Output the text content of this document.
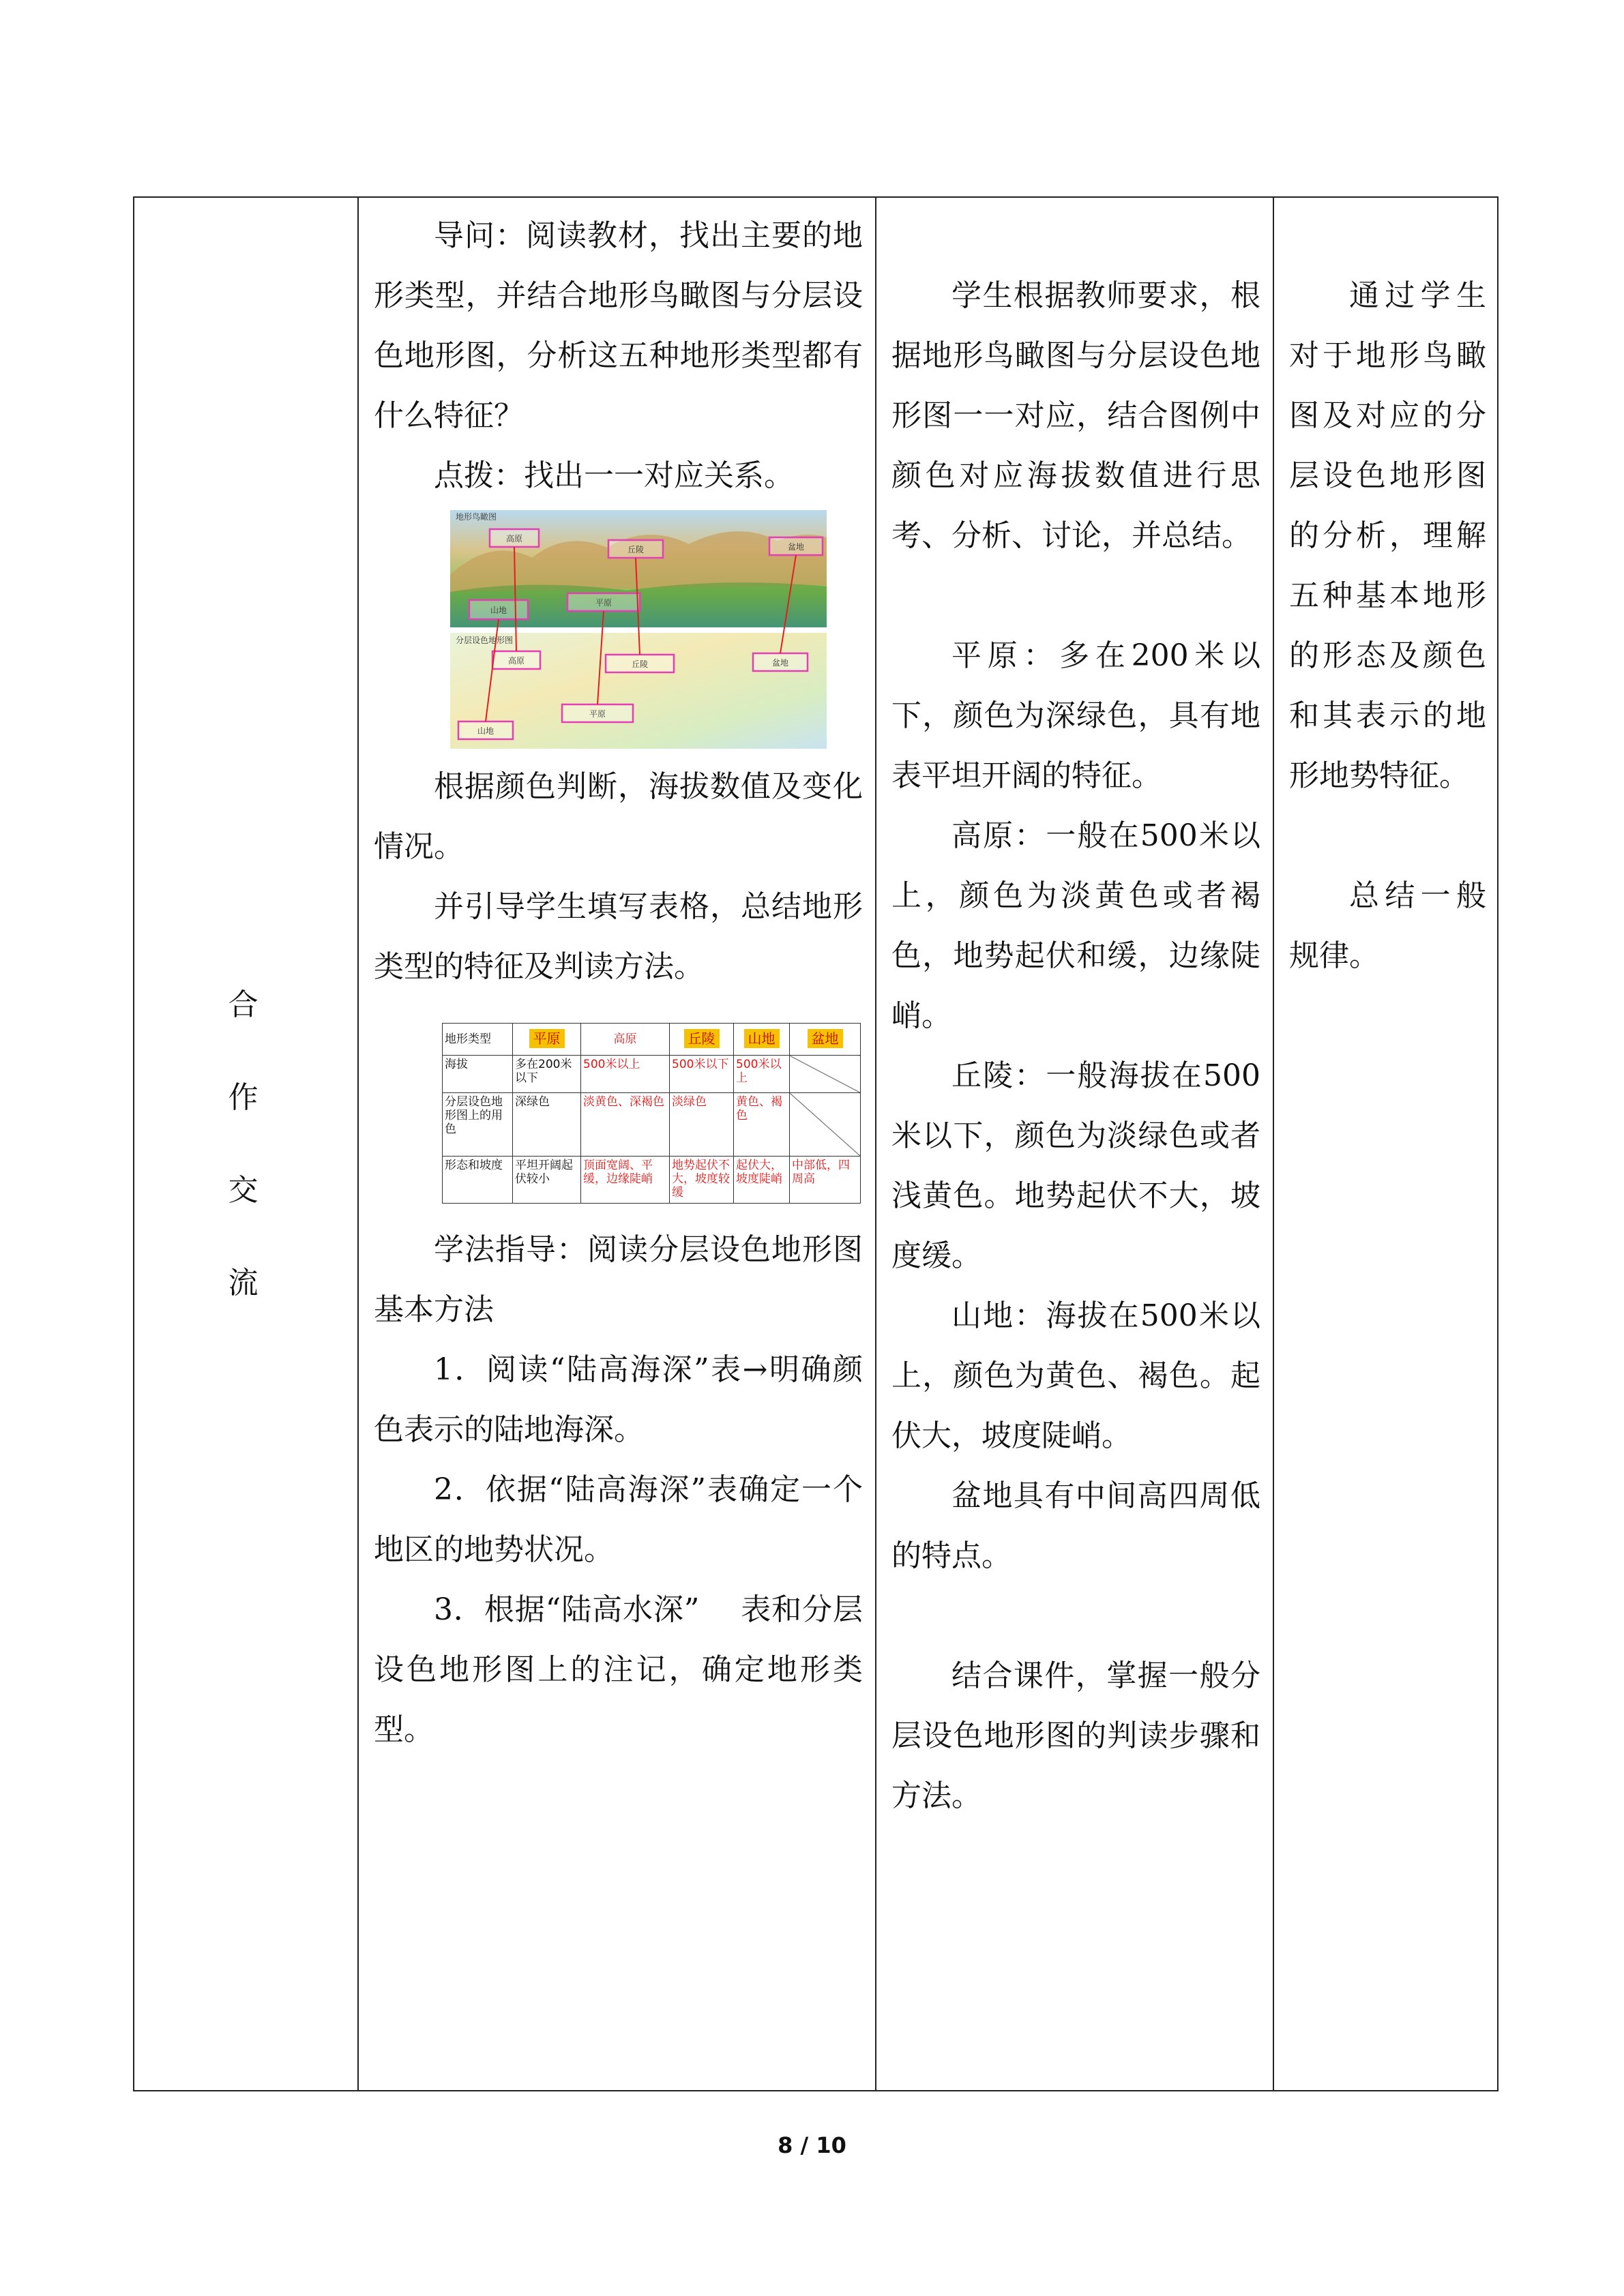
合
作
交
流

导问：阅读教材，找出主要的地形类型，并结合地形鸟瞰图与分层设色地形图，分析这五种地形类型都有什么特征？

点拨：找出一一对应关系。

地形鸟瞰图
分层设色地形图
高原
丘陵	盆地
山地
平原
高原	丘陵	盆地
山地
平原

根据颜色判断，海拔数值及变化情况。

并引导学生填写表格，总结地形类型的特征及判读方法。

地形类型	平原	高原	丘陵	山地	盆地
海拔	多在200米以下	500米以上	500米以下	500米以上	
分层设色地形图上的用色	深绿色	淡黄色、深褐色	淡绿色	黄色、褐色	
形态和坡度	平坦开阔起伏较小	顶面宽阔、平缓，边缘陡峭	地势起伏不大，坡度较缓	起伏大，坡度陡峭	中部低，四周高

学法指导：阅读分层设色地形图基本方法

1．阅读“陆高海深”表→明确颜色表示的陆地海深。

2．依据“陆高海深”表确定一个地区的地势状况。

3．根据“陆高水深”　 表和分层设色地形图上的注记，确定地形类型。

学生根据教师要求，根据地形鸟瞰图与分层设色地形图一一对应，结合图例中颜色对应海拔数值进行思考、分析、讨论，并总结。

平原：多在200米以下，颜色为深绿色，具有地表平坦开阔的特征。

高原：一般在500米以上，颜色为淡黄色或者褐色，地势起伏和缓，边缘陡峭。

丘陵：一般海拔在500米以下，颜色为淡绿色或者浅黄色。地势起伏不大，坡度缓。

山地：海拔在500米以上，颜色为黄色、褐色。起伏大，坡度陡峭。

盆地具有中间高四周低的特点。

结合课件，掌握一般分层设色地形图的判读步骤和方法。

通过学生对于地形鸟瞰图及对应的分层设色地形图的分析，理解五种基本地形的形态及颜色和其表示的地形地势特征。

总结一般规律。

8 / 10
